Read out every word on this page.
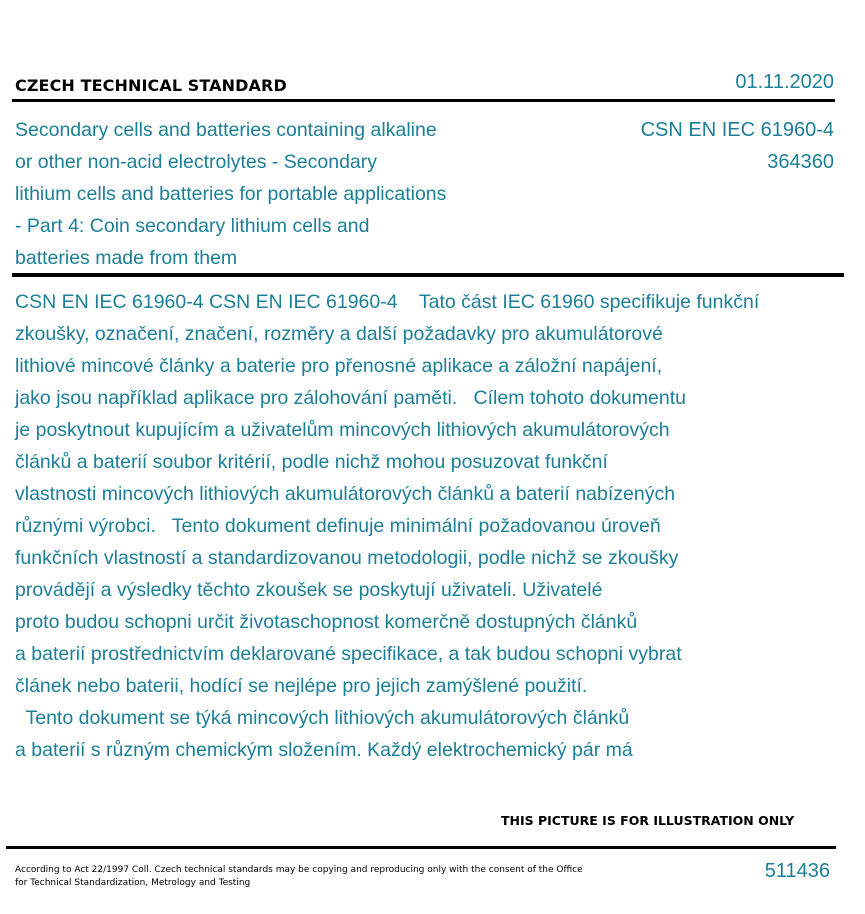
CZECH TECHNICAL STANDARD	01.11.2020
Secondary cells and batteries containing alkaline
or other non-acid electrolytes - Secondary
lithium cells and batteries for portable applications
- Part 4: Coin secondary lithium cells and
batteries made from them
CSN EN IEC 61960-4
364360
CSN EN IEC 61960-4 CSN EN IEC 61960-4    Tato část IEC 61960 specifikuje funkční
zkoušky, označení, značení, rozměry a další požadavky pro akumulátorové
lithiové mincové články a baterie pro přenosné aplikace a záložní napájení,
jako jsou například aplikace pro zálohování paměti.   Cílem tohoto dokumentu
je poskytnout kupujícím a uživatelům mincových lithiových akumulátorových
článků a baterií soubor kritérií, podle nichž mohou posuzovat funkční
vlastnosti mincových lithiových akumulátorových článků a baterií nabízených
různými výrobci.   Tento dokument definuje minimální požadovanou úroveň
funkčních vlastností a standardizovanou metodologii, podle nichž se zkoušky
provádějí a výsledky těchto zkoušek se poskytují uživateli. Uživatelé
proto budou schopni určit životaschopnost komerčně dostupných článků
a baterií prostřednictvím deklarované specifikace, a tak budou schopni vybrat
článek nebo baterii, hodící se nejlépe pro jejich zamýšlené použití.
Tento dokument se týká mincových lithiových akumulátorových článků
a baterií s různým chemickým složením. Každý elektrochemický pár má
THIS PICTURE IS FOR ILLUSTRATION ONLY
According to Act 22/1997 Coll. Czech technical standards may be copying and reproducing only with the consent of the Office
for Technical Standardization, Metrology and Testing
511436
